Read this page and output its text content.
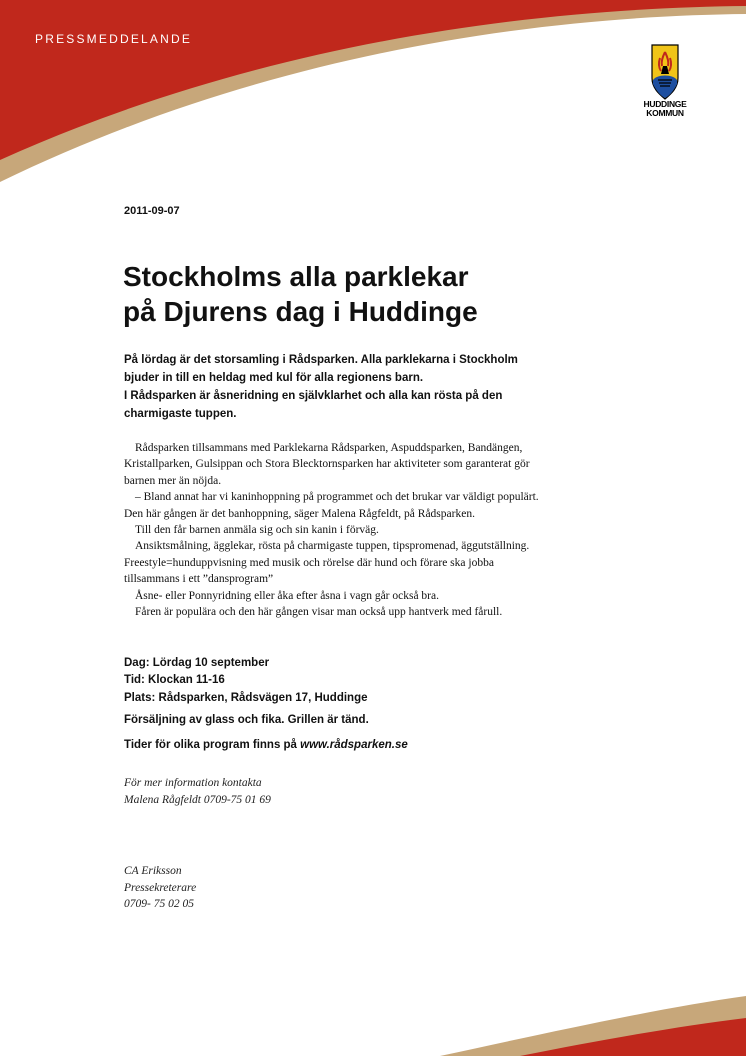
PRESSMEDDELANDE
HUDDINGE
KOMMUN
2011-09-07
Stockholms alla parklekar
på Djurens dag i Huddinge

På lördag är det storsamling i Rådsparken. Alla parklekarna i Stockholm
bjuder in till en heldag med kul för alla regionens barn.
I Rådsparken är åsneridning en självklarhet och alla kan rösta på den
charmigaste tuppen.

Rådsparken tillsammans med Parklekarna Rådsparken, Aspuddsparken, Bandängen,
Kristallparken, Gulsippan och Stora Blecktornsparken har aktiviteter som garanterat gör
barnen mer än nöjda.
– Bland annat har vi kaninhoppning på programmet och det brukar var väldigt populärt.
Den här gången är det banhoppning, säger Malena Rågfeldt, på Rådsparken.
Till den får barnen anmäla sig och sin kanin i förväg.
Ansiktsmålning, ägglekar, rösta på charmigaste tuppen, tipspromenad, äggutställning.
Freestyle=hunduppvisning med musik och rörelse där hund och förare ska jobba
tillsammans i ett ”dansprogram”
Åsne- eller Ponnyridning eller åka efter åsna i vagn går också bra.
Fåren är populära och den här gången visar man också upp hantverk med fårull.

Dag: Lördag 10 september
Tid: Klockan 11-16
Plats: Rådsparken, Rådsvägen 17, Huddinge

Försäljning av glass och fika. Grillen är tänd.
Tider för olika program finns på www.rådsparken.se

För mer information kontakta
Malena Rågfeldt 0709-75 01 69

CA Eriksson
Pressekreterare
0709- 75 02 05
